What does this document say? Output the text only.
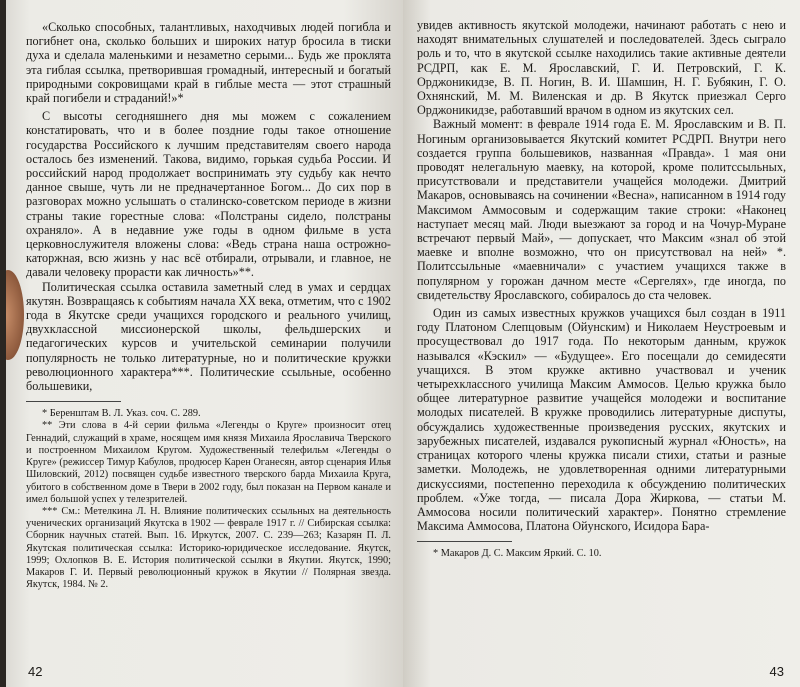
«Сколько способных, талантливых, находчивых людей погибла и погибнет она, сколько больших и широких натур бросила в тиски духа и сделала маленькими и незаметно серыми... Будь же проклята эта гиблая ссылка, претворившая громадный, интересный и богатый природными сокровищами край в гиблые места — этот страшный край погибели и страданий!»*

С высоты сегодняшнего дня мы можем с сожалением констатировать, что и в более поздние годы такое отношение государства Российского к лучшим представителям своего народа осталось без изменений. Такова, видимо, горькая судьба России. И российский народ продолжает воспринимать эту судьбу как нечто данное свыше, чуть ли не предначертанное Богом... До сих пор в разговорах можно услышать о сталинско-советском периоде в жизни страны такие горестные слова: «Полстраны сидело, полстраны охраняло». А в недавние уже годы в одном фильме в уста церковнослужителя вложены слова: «Ведь страна наша острожно-каторжная, всю жизнь у нас всё отбирали, отрывали, и главное, не давали человеку прорасти как личность»**.

Политическая ссылка оставила заметный след в умах и сердцах якутян. Возвращаясь к событиям начала XX века, отметим, что с 1902 года в Якутске среди учащихся городского и реального училищ, двухклассной миссионерской школы, фельдшерских и педагогических курсов и учительской семинарии получили популярность не только литературные, но и политические кружки революционного характера***. Политические ссыльные, особенно большевики,

* Беренштам В. Л. Указ. соч. С. 289.

** Эти слова в 4-й серии фильма «Легенды о Круге» произносит отец Геннадий, служащий в храме, носящем имя князя Михаила Ярославича Тверского и построенном Михаилом Кругом. Художественный телефильм «Легенды о Круге» (режиссер Тимур Кабулов, продюсер Карен Оганесян, автор сценария Илья Шиловский, 2012) посвящен судьбе известного тверского барда Михаила Круга, убитого в собственном доме в Твери в 2002 году, был показан на Первом канале и имел большой успех у телезрителей.

*** См.: Метелкина Л. Н. Влияние политических ссыльных на деятельность ученических организаций Якутска в 1902 — феврале 1917 г. // Сибирская ссылка: Сборник научных статей. Вып. 16. Иркутск, 2007. С. 239—263; Казарян П. Л. Якутская политическая ссылка: Историко-юридическое исследование. Якутск, 1999; Охлопков В. Е. История политической ссылки в Якутии. Якутск, 1990; Макаров Г. И. Первый революционный кружок в Якутии // Полярная звезда. Якутск, 1984. № 2.

42

увидев активность якутской молодежи, начинают работать с нею и находят внимательных слушателей и последователей. Здесь сыграло роль и то, что в якутской ссылке находились такие активные деятели РСДРП, как Е. М. Ярославский, Г. И. Петровский, Г. К. Орджоникидзе, В. П. Ногин, В. И. Шамшин, Н. Г. Бубякин, Г. О. Охнянский, М. М. Виленская и др. В Якутск приезжал Серго Орджоникидзе, работавший врачом в одном из якутских сел.

Важный момент: в феврале 1914 года Е. М. Ярославским и В. П. Ногиным организовывается Якутский комитет РСДРП. Внутри него создается группа большевиков, названная «Правда». 1 мая они проводят нелегальную маевку, на которой, кроме политссыльных, присутствовали и представители учащейся молодежи. Дмитрий Макаров, основываясь на сочинении «Весна», написанном в 1914 году Максимом Аммосовым и содержащим такие строки: «Наконец наступает месяц май. Люди выезжают за город и на Чочур-Муране встречают первый Май», — допускает, что Максим «знал об этой маевке и вполне возможно, что он присутствовал на ней» *. Политссыльные «маевничали» с участием учащихся также в популярном у горожан дачном месте «Сергелях», где иногда, по свидетельству Ярославского, собиралось до ста человек.

Один из самых известных кружков учащихся был создан в 1911 году Платоном Слепцовым (Ойунским) и Николаем Неустроевым и просуществовал до 1917 года. По некоторым данным, кружок назывался «Кэскил» — «Будущее». Его посещали до семидесяти учащихся. В этом кружке активно участвовал и ученик четырехклассного училища Максим Аммосов. Целью кружка было общее литературное развитие учащейся молодежи и воспитание молодых писателей. В кружке проводились литературные диспуты, обсуждались художественные произведения русских, якутских и зарубежных писателей, издавался рукописный журнал «Юность», на страницах которого члены кружка писали стихи, статьи и разные заметки. Молодежь, не удовлетворенная одними литературными дискуссиями, постепенно переходила к обсуждению политических проблем. «Уже тогда, — писала Дора Жиркова, — статьи М. Аммосова носили политический характер». Понятно стремление Максима Аммосова, Платона Ойунского, Исидора Бара-

* Макаров Д. С. Максим Яркий. С. 10.

43
